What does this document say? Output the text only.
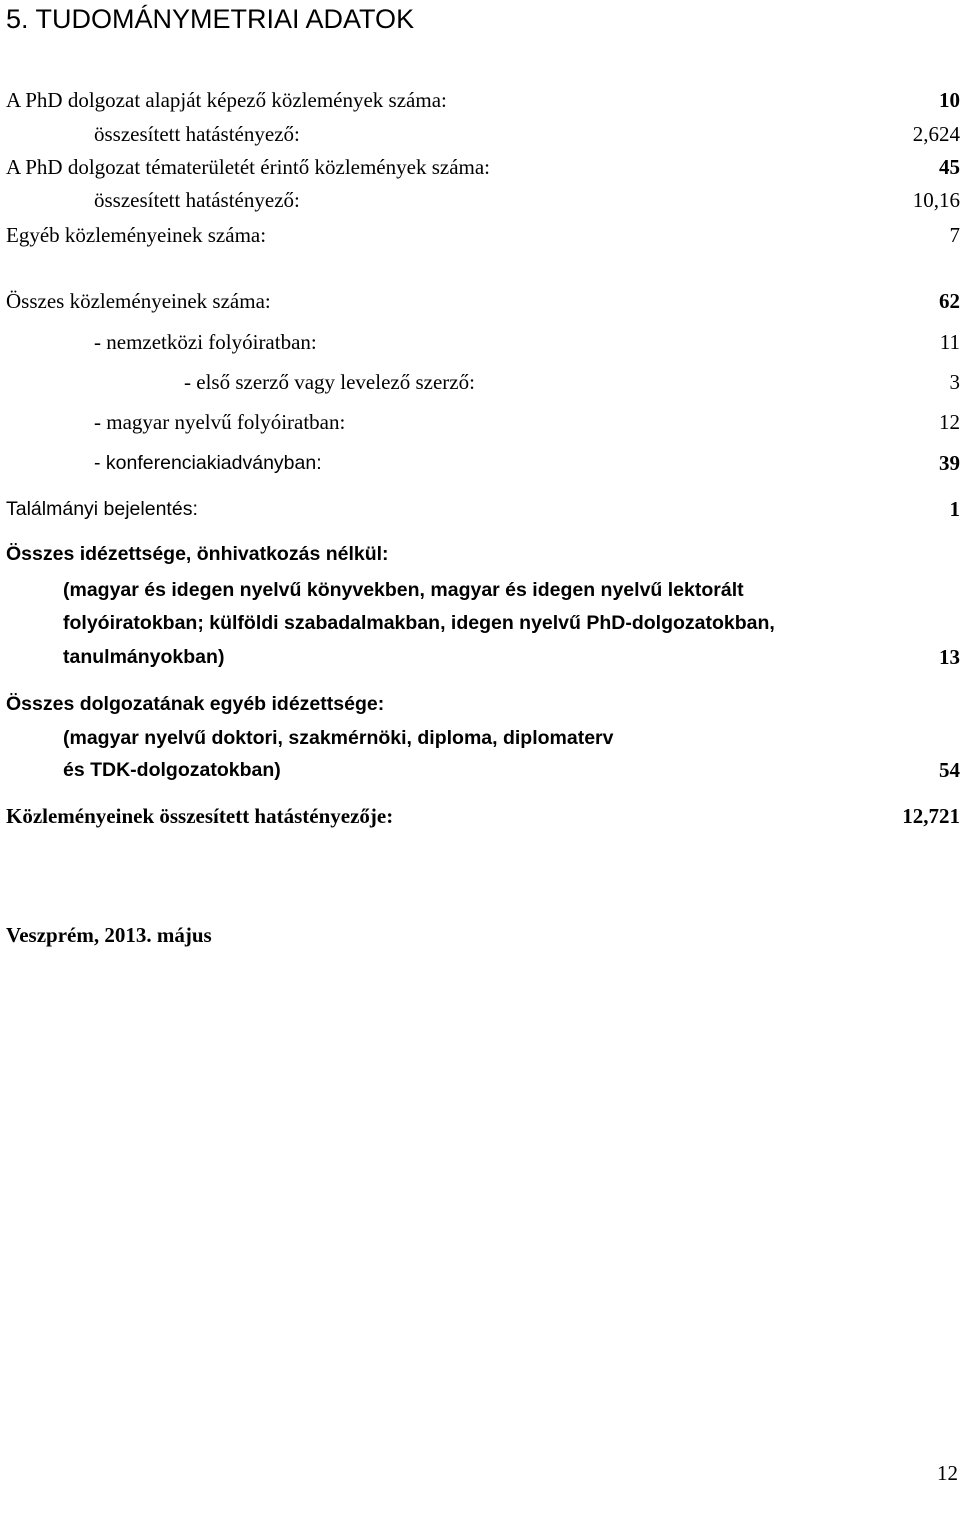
5. TUDOMÁNYMETRIAI ADATOK
A PhD dolgozat alapját képező közlemények száma:	10
összesített hatástényező:	2,624
A PhD dolgozat tématerületét érintő közlemények száma:	45
összesített hatástényező:	10,16
Egyéb közleményeinek száma:	7
Összes közleményeinek száma:	62
- nemzetközi folyóiratban:	11
- első szerző vagy levelező szerző:	3
- magyar nyelvű folyóiratban:	12
- konferenciakiadványban:	39
Találmányi bejelentés:	1
Összes idézettsége, önhivatkozás nélkül:
(magyar és idegen nyelvű könyvekben, magyar és idegen nyelvű lektorált
folyóiratokban; külföldi szabadalmakban, idegen nyelvű PhD-dolgozatokban,
tanulmányokban)	13
Összes dolgozatának egyéb idézettsége:
(magyar nyelvű doktori, szakmérnöki, diploma, diplomaterv
és TDK-dolgozatokban)	54
Közleményeinek összesített hatástényezője:	12,721
Veszprém, 2013. május
12
